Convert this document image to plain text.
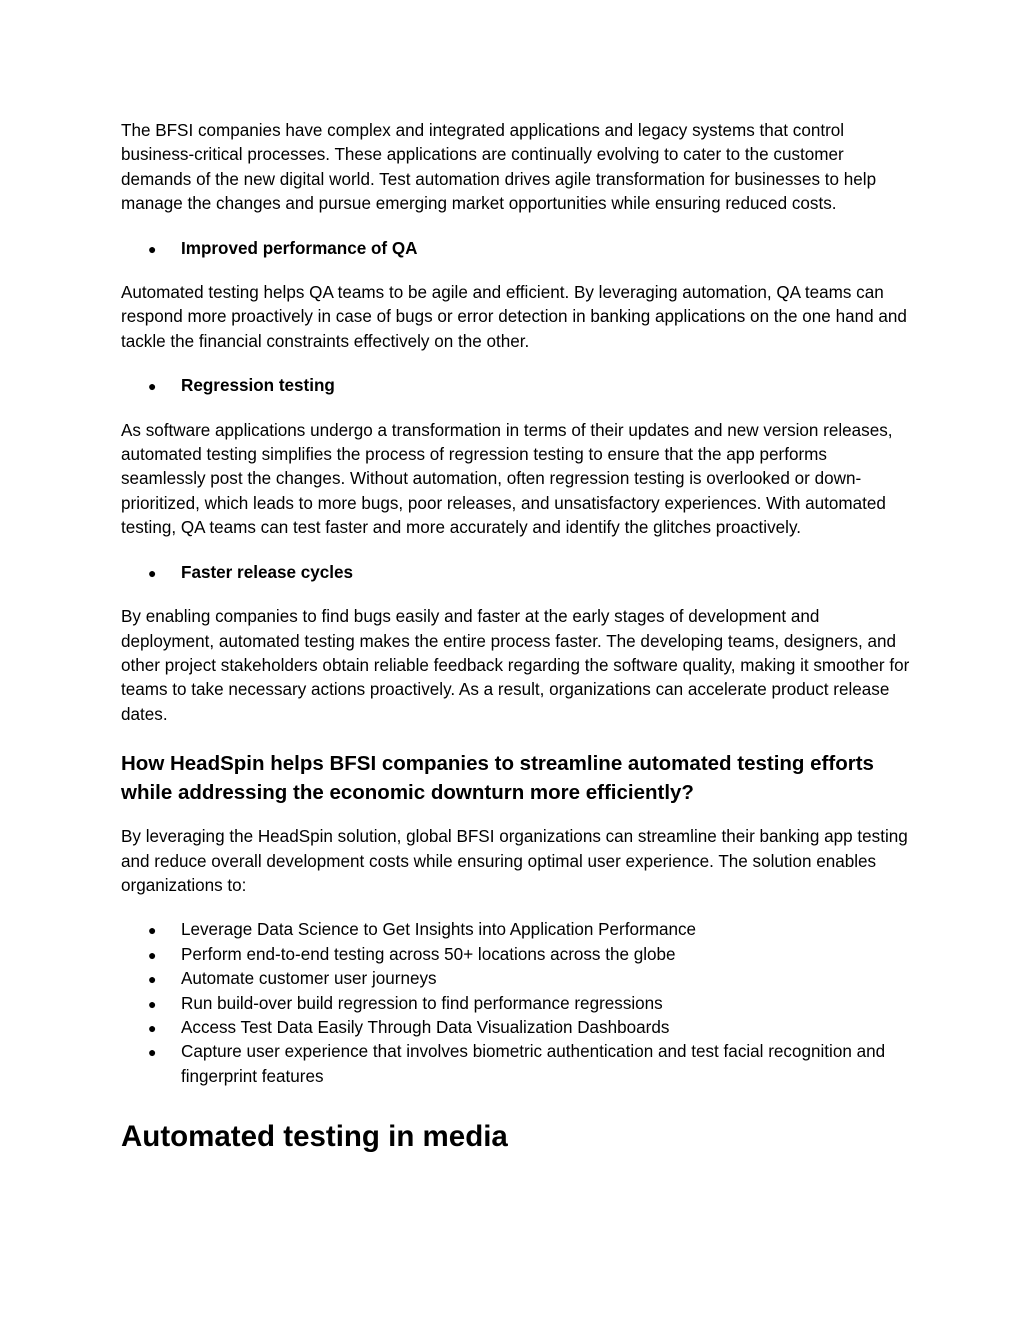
The BFSI companies have complex and integrated applications and legacy systems that control business-critical processes. These applications are continually evolving to cater to the customer demands of the new digital world. Test automation drives agile transformation for businesses to help manage the changes and pursue emerging market opportunities while ensuring reduced costs.

● Improved performance of QA

Automated testing helps QA teams to be agile and efficient. By leveraging automation, QA teams can respond more proactively in case of bugs or error detection in banking applications on the one hand and tackle the financial constraints effectively on the other.

● Regression testing

As software applications undergo a transformation in terms of their updates and new version releases, automated testing simplifies the process of regression testing to ensure that the app performs seamlessly post the changes. Without automation, often regression testing is overlooked or down-prioritized, which leads to more bugs, poor releases, and unsatisfactory experiences. With automated testing, QA teams can test faster and more accurately and identify the glitches proactively.

● Faster release cycles

By enabling companies to find bugs easily and faster at the early stages of development and deployment, automated testing makes the entire process faster. The developing teams, designers, and other project stakeholders obtain reliable feedback regarding the software quality, making it smoother for teams to take necessary actions proactively. As a result, organizations can accelerate product release dates.

How HeadSpin helps BFSI companies to streamline automated testing efforts while addressing the economic downturn more efficiently?

By leveraging the HeadSpin solution, global BFSI organizations can streamline their banking app testing and reduce overall development costs while ensuring optimal user experience. The solution enables organizations to:

● Leverage Data Science to Get Insights into Application Performance
● Perform end-to-end testing across 50+ locations across the globe
● Automate customer user journeys
● Run build-over build regression to find performance regressions
● Access Test Data Easily Through Data Visualization Dashboards
● Capture user experience that involves biometric authentication and test facial recognition and fingerprint features
Automated testing in media
